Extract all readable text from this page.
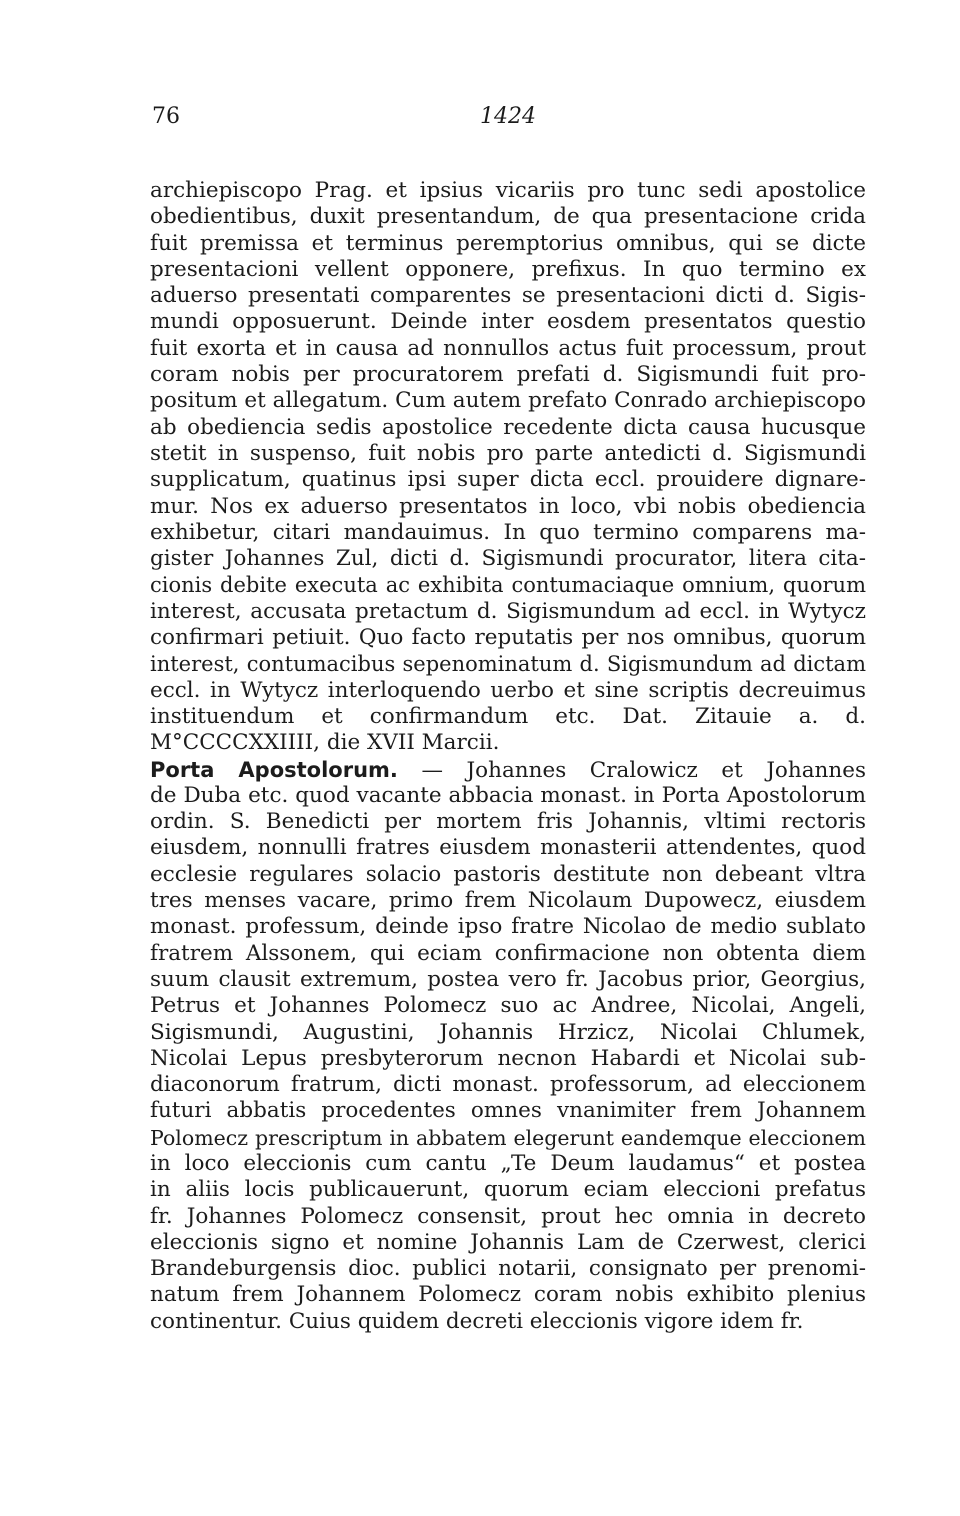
76	1424
archiepiscopo Prag. et ipsius vicariis pro tunc sedi apostolice
obedientibus, duxit presentandum, de qua presentacione crida
fuit premissa et terminus peremptorius omnibus, qui se dicte
presentacioni vellent opponere, prefixus. In quo termino ex
aduerso presentati comparentes se presentacioni dicti d. Sigis-
mundi opposuerunt. Deinde inter eosdem presentatos questio
fuit exorta et in causa ad nonnullos actus fuit processum, prout
coram nobis per procuratorem prefati d. Sigismundi fuit pro-
positum et allegatum. Cum autem prefato Conrado archiepiscopo
ab obediencia sedis apostolice recedente dicta causa hucusque
stetit in suspenso, fuit nobis pro parte antedicti d. Sigismundi
supplicatum, quatinus ipsi super dicta eccl. prouidere dignare-
mur. Nos ex aduerso presentatos in loco, vbi nobis obediencia
exhibetur, citari mandauimus. In quo termino comparens ma-
gister Johannes Zul, dicti d. Sigismundi procurator, litera cita-
cionis debite executa ac exhibita contumaciaque omnium, quorum
interest, accusata pretactum d. Sigismundum ad eccl. in Wytycz
confirmari petiuit. Quo facto reputatis per nos omnibus, quorum
interest, contumacibus sepenominatum d. Sigismundum ad dictam
eccl. in Wytycz interloquendo uerbo et sine scriptis decreuimus
instituendum et confirmandum etc. Dat. Zitauie a. d.
M°CCCCXXIIII, die XVII Marcii.
Porta Apostolorum. — Johannes Cralowicz et Johannes
de Duba etc. quod vacante abbacia monast. in Porta Apostolorum
ordin. S. Benedicti per mortem fris Johannis, vltimi rectoris
eiusdem, nonnulli fratres eiusdem monasterii attendentes, quod
ecclesie regulares solacio pastoris destitute non debeant vltra
tres menses vacare, primo frem Nicolaum Dupowecz, eiusdem
monast. professum, deinde ipso fratre Nicolao de medio sublato
fratrem Alssonem, qui eciam confirmacione non obtenta diem
suum clausit extremum, postea vero fr. Jacobus prior, Georgius,
Petrus et Johannes Polomecz suo ac Andree, Nicolai, Angeli,
Sigismundi, Augustini, Johannis Hrzicz, Nicolai Chlumek,
Nicolai Lepus presbyterorum necnon Habardi et Nicolai sub-
diaconorum fratrum, dicti monast. professorum, ad eleccionem
futuri abbatis procedentes omnes vnanimiter frem Johannem
Polomecz prescriptum in abbatem elegerunt eandemque eleccionem
in loco eleccionis cum cantu „Te Deum laudamus“ et postea
in aliis locis publicauerunt, quorum eciam eleccioni prefatus
fr. Johannes Polomecz consensit, prout hec omnia in decreto
eleccionis signo et nomine Johannis Lam de Czerwest, clerici
Brandeburgensis dioc. publici notarii, consignato per prenomi-
natum frem Johannem Polomecz coram nobis exhibito plenius
continentur. Cuius quidem decreti eleccionis vigore idem fr.
